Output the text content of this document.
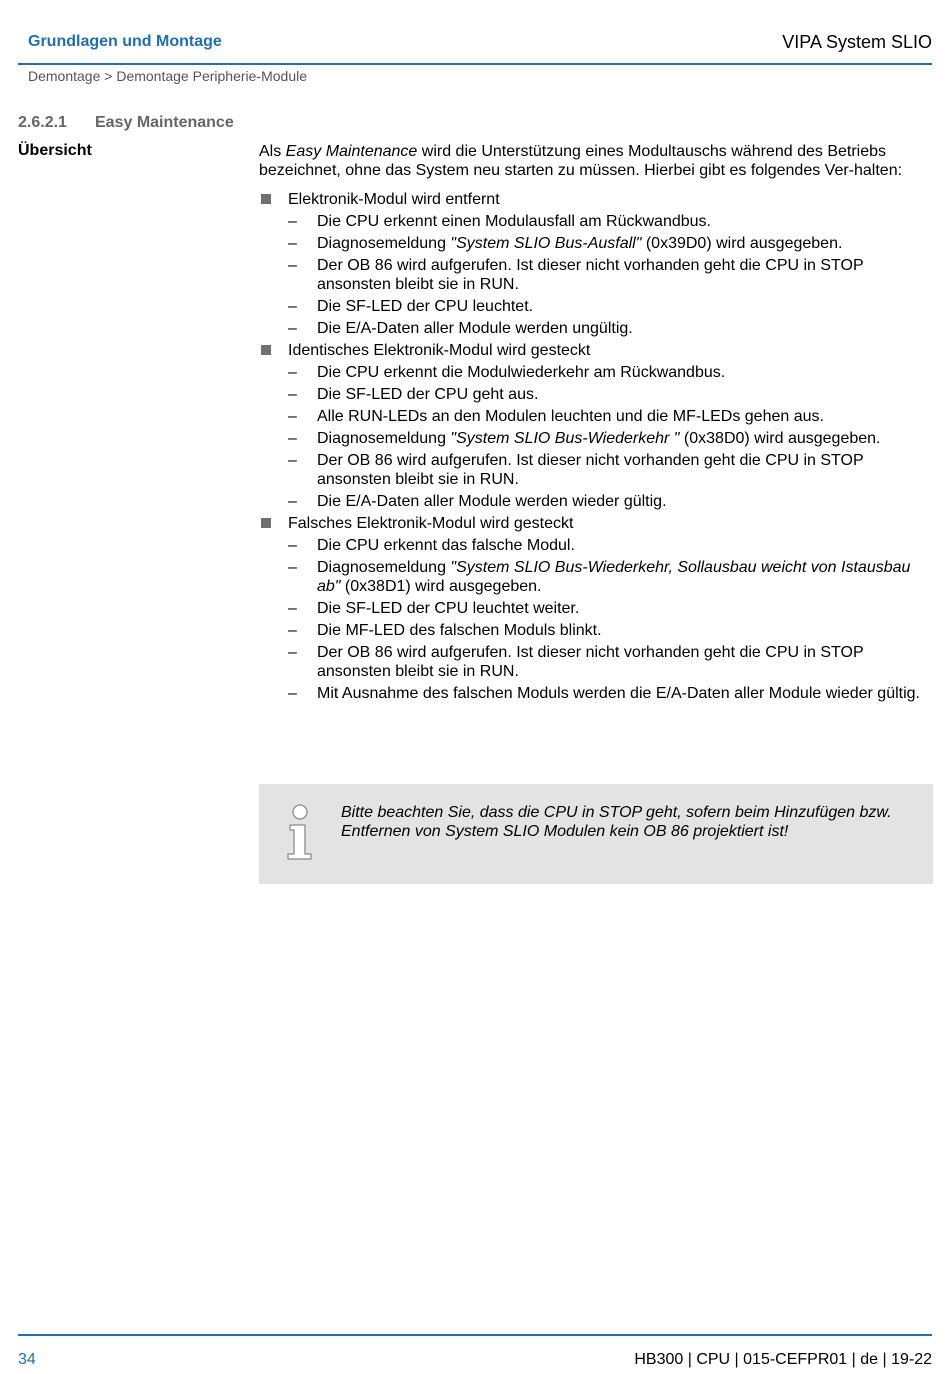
Grundlagen und Montage	VIPA System SLIO
Demontage > Demontage Peripherie-Module
2.6.2.1 Easy Maintenance
Übersicht	Als Easy Maintenance wird die Unterstützung eines Modultauschs während des Betriebs bezeichnet, ohne das System neu starten zu müssen. Hierbei gibt es folgendes Ver-halten:

Elektronik-Modul wird entfernt
– Die CPU erkennt einen Modulausfall am Rückwandbus.
– Diagnosemeldung "System SLIO Bus-Ausfall" (0x39D0) wird ausgegeben.
– Der OB 86 wird aufgerufen. Ist dieser nicht vorhanden geht die CPU in STOP ansonsten bleibt sie in RUN.
– Die SF-LED der CPU leuchtet.
– Die E/A-Daten aller Module werden ungültig.
Identisches Elektronik-Modul wird gesteckt
– Die CPU erkennt die Modulwiederkehr am Rückwandbus.
– Die SF-LED der CPU geht aus.
– Alle RUN-LEDs an den Modulen leuchten und die MF-LEDs gehen aus.
– Diagnosemeldung "System SLIO Bus-Wiederkehr " (0x38D0) wird ausgegeben.
– Der OB 86 wird aufgerufen. Ist dieser nicht vorhanden geht die CPU in STOP ansonsten bleibt sie in RUN.
– Die E/A-Daten aller Module werden wieder gültig.
Falsches Elektronik-Modul wird gesteckt
– Die CPU erkennt das falsche Modul.
– Diagnosemeldung "System SLIO Bus-Wiederkehr, Sollausbau weicht von Istausbau ab" (0x38D1) wird ausgegeben.
– Die SF-LED der CPU leuchtet weiter.
– Die MF-LED des falschen Moduls blinkt.
– Der OB 86 wird aufgerufen. Ist dieser nicht vorhanden geht die CPU in STOP ansonsten bleibt sie in RUN.
– Mit Ausnahme des falschen Moduls werden die E/A-Daten aller Module wieder gültig.
Bitte beachten Sie, dass die CPU in STOP geht, sofern beim Hinzufügen bzw. Entfernen von System SLIO Modulen kein OB 86 projektiert ist!
34	HB300 | CPU | 015-CEFPR01 | de | 19-22
